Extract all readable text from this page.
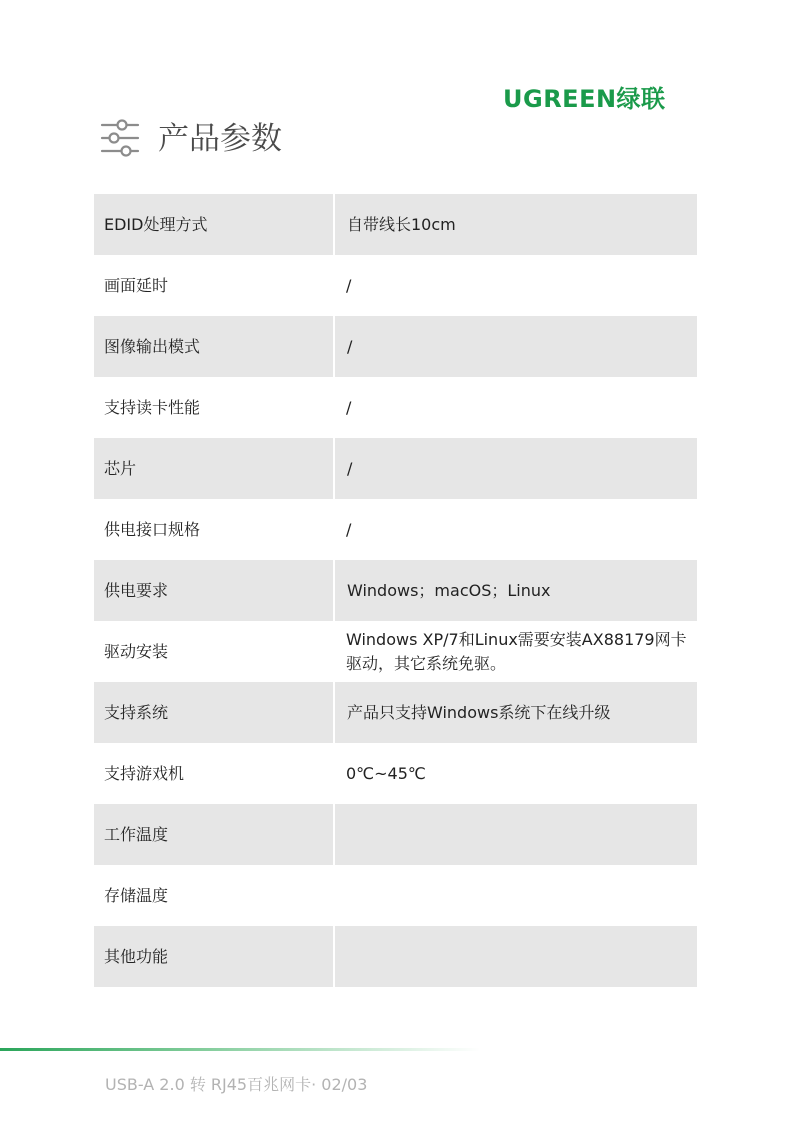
UGREEN绿联
产品参数
EDID处理方式	自带线长10cm
画面延时	/
图像输出模式	/
支持读卡性能	/
芯片	/
供电接口规格	/
供电要求	Windows；macOS；Linux
驱动安装	Windows XP/7和Linux需要安装AX88179网卡驱动，其它系统免驱。
支持系统	产品只支持Windows系统下在线升级
支持游戏机	0℃~45℃
工作温度	
存储温度	
其他功能	
USB-A 2.0 转 RJ45百兆网卡· 02/03
